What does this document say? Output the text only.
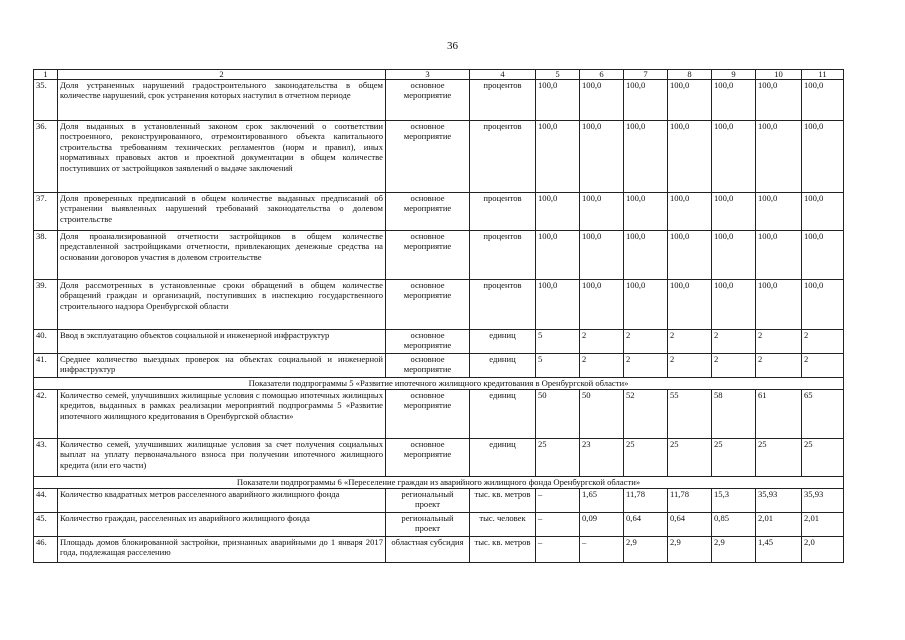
36
1	2	3	4	5	6	7	8	9	10	11
35.	Доля устраненных нарушений градостроительного законодательства в общем количестве нарушений, срок устранения которых наступил в отчетном периоде	основное мероприятие	процентов	100,0	100,0	100,0	100,0	100,0	100,0	100,0
36.	Доля выданных в установленный законом срок заключений о соответствии построенного, реконструированного, отремонтированного объекта капитального строительства требованиям технических регламентов (норм и правил), иных нормативных правовых актов и проектной документации в общем количестве поступивших от застройщиков заявлений о выдаче заключений	основное мероприятие	процентов	100,0	100,0	100,0	100,0	100,0	100,0	100,0
37.	Доля проверенных предписаний в общем количестве выданных предписаний об устранении выявленных нарушений требований законодательства о долевом строительстве	основное мероприятие	процентов	100,0	100,0	100,0	100,0	100,0	100,0	100,0
38.	Доля проанализированной отчетности застройщиков в общем количестве представленной застройщиками отчетности, привлекающих денежные средства на основании договоров участия в долевом строительстве	основное мероприятие	процентов	100,0	100,0	100,0	100,0	100,0	100,0	100,0
39.	Доля рассмотренных в установленные сроки обращений в общем количестве обращений граждан и организаций, поступивших в инспекцию государственного строительного надзора Оренбургской области	основное мероприятие	процентов	100,0	100,0	100,0	100,0	100,0	100,0	100,0
40.	Ввод в эксплуатацию объектов социальной и инженерной инфраструктур	основное мероприятие	единиц	5	2	2	2	2	2	2
41.	Среднее количество выездных проверок на объектах социальной и инженерной инфраструктур	основное мероприятие	единиц	5	2	2	2	2	2	2
Показатели подпрограммы 5 «Развитие ипотечного жилищного кредитования в Оренбургской области»										
42.	Количество семей, улучшивших жилищные условия с помощью ипотечных жилищных кредитов, выданных в рамках реализации мероприятий подпрограммы 5 «Развитие ипотечного жилищного кредитования в Оренбургской области»	основное мероприятие	единиц	50	50	52	55	58	61	65
43.	Количество семей, улучшивших жилищные условия за счет получения социальных выплат на уплату первоначального взноса при получении ипотечного жилищного кредита (или его части)	основное мероприятие	единиц	25	23	25	25	25	25	25
Показатели подпрограммы 6 «Переселение граждан из аварийного жилищного фонда Оренбургской области»										
44.	Количество квадратных метров расселенного аварийного жилищного фонда	региональный проект	тыс. кв. метров	–	1,65	11,78	11,78	15,3	35,93	35,93
45.	Количество граждан, расселенных из аварийного жилищного фонда	региональный проект	тыс. человек	–	0,09	0,64	0,64	0,85	2,01	2,01
46.	Площадь домов блокированной застройки, признанных аварийными до 1 января 2017 года, подлежащая расселению	областная субсидия	тыс. кв. метров	–	–	2,9	2,9	2,9	1,45	2,0
